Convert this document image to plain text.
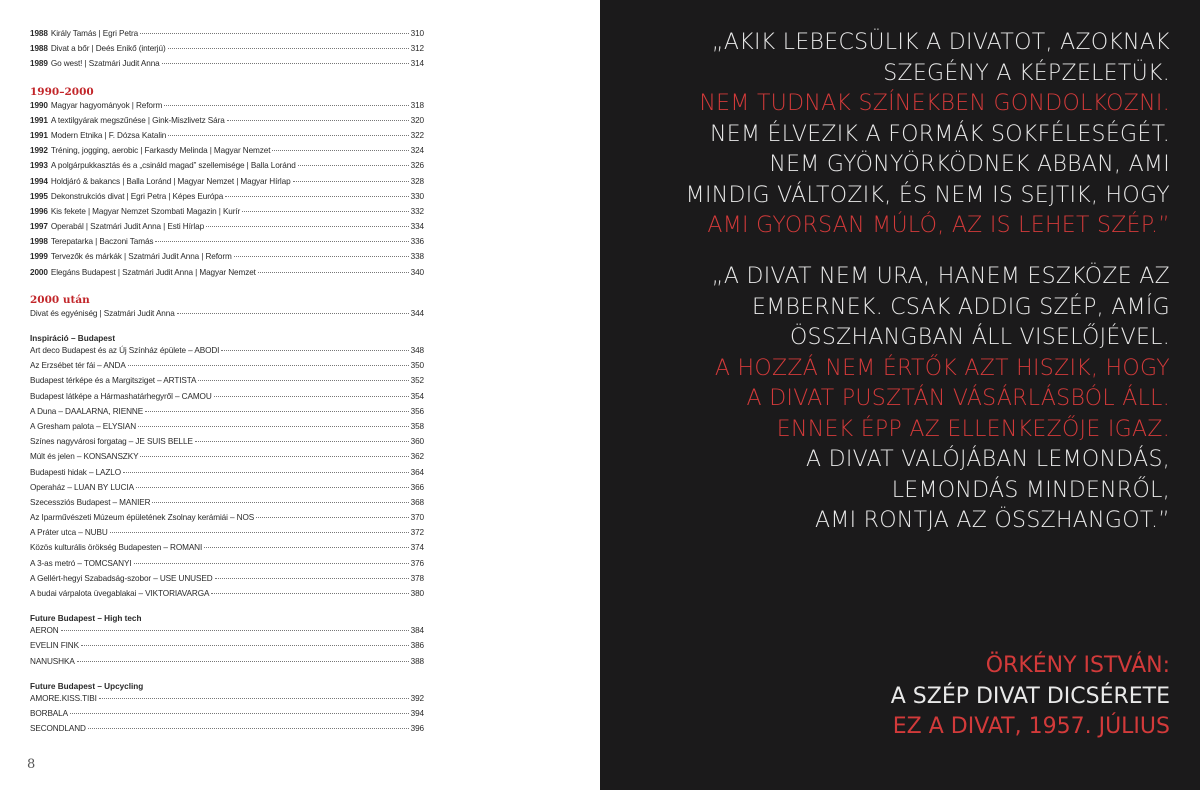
1988 Király Tamás | Egri Petra	310
1988 Divat a bőr | Deés Enikő (interjú)	312
1989 Go west! | Szatmári Judit Anna	314
1990–2000
1990 Magyar hagyományok | Reform	318
1991 A textilgyárak megszűnése | Gink-Miszlivetz Sára	320
1991 Modern Etnika | F. Dózsa Katalin	322
1992 Tréning, jogging, aerobic | Farkasdy Melinda | Magyar Nemzet	324
1993 A polgárpukkasztás és a „csináld magad” szellemisége | Balla Loránd	326
1994 Holdjáró & bakancs | Balla Loránd | Magyar Nemzet | Magyar Hírlap	328
1995 Dekonstrukciós divat | Egri Petra | Képes Európa	330
1996 Kis fekete | Magyar Nemzet Szombati Magazin | Kurír	332
1997 Operabál | Szatmári Judit Anna | Esti Hírlap	334
1998 Terepatarka | Baczoni Tamás	336
1999 Tervezők és márkák | Szatmári Judit Anna | Reform	338
2000 Elegáns Budapest | Szatmári Judit Anna | Magyar Nemzet	340
2000 után
Divat és egyéniség | Szatmári Judit Anna	344
Inspiráció – Budapest
Art deco Budapest és az Új Színház épülete – ABODI	348
Az Erzsébet tér fái – ANDA	350
Budapest térképe és a Margitsziget – ARTISTA	352
Budapest látképe a Hármashatárhegyről – CAMOU	354
A Duna – DAALARNA, RIENNE	356
A Gresham palota – ELYSIAN	358
Színes nagyvárosi forgatag – JE SUIS BELLE	360
Múlt és jelen – KONSANSZKY	362
Budapesti hidak – LAZLO	364
Operaház – LUAN BY LUCIA	366
Szecessziós Budapest – MANIER	368
Az Iparművészeti Múzeum épületének Zsolnay kerámiái – NOS	370
A Práter utca – NUBU	372
Közös kulturális örökség Budapesten – ROMANI	374
A 3-as metró – TOMCSANYI	376
A Gellért-hegyi Szabadság-szobor – USE UNUSED	378
A budai várpalota üvegablakai – VIKTORIAVARGA	380
Future Budapest – High tech
AERON	384
EVELIN FINK	386
NANUSHKA	388
Future Budapest – Upcycling
AMORE.KISS.TIBI	392
BORBALA	394
SECONDLAND	396
8
„AKIK LEBECSÜLIK A DIVATOT, AZOKNAK
SZEGÉNY A KÉPZELETÜK.
NEM TUDNAK SZÍNEKBEN GONDOLKOZNI.
NEM ÉLVEZIK A FORMÁK SOKFÉLESÉGÉT.
NEM GYÖNYÖRKÖDNEK ABBAN, AMI
MINDIG VÁLTOZIK, ÉS NEM IS SEJTIK, HOGY
AMI GYORSAN MÚLÓ, AZ IS LEHET SZÉP.”
„A DIVAT NEM URA, HANEM ESZKÖZE AZ
EMBERNEK. CSAK ADDIG SZÉP, AMÍG
ÖSSZHANGBAN ÁLL VISELŐJÉVEL.
A HOZZÁ NEM ÉRTŐK AZT HISZIK, HOGY
A DIVAT PUSZTÁN VÁSÁRLÁSBÓL ÁLL.
ENNEK ÉPP AZ ELLENKEZŐJE IGAZ.
A DIVAT VALÓJÁBAN LEMONDÁS,
LEMONDÁS MINDENRŐL,
AMI RONTJA AZ ÖSSZHANGOT.”
ÖRKÉNY ISTVÁN:
A SZÉP DIVAT DICSÉRETE
EZ A DIVAT, 1957. JÚLIUS
